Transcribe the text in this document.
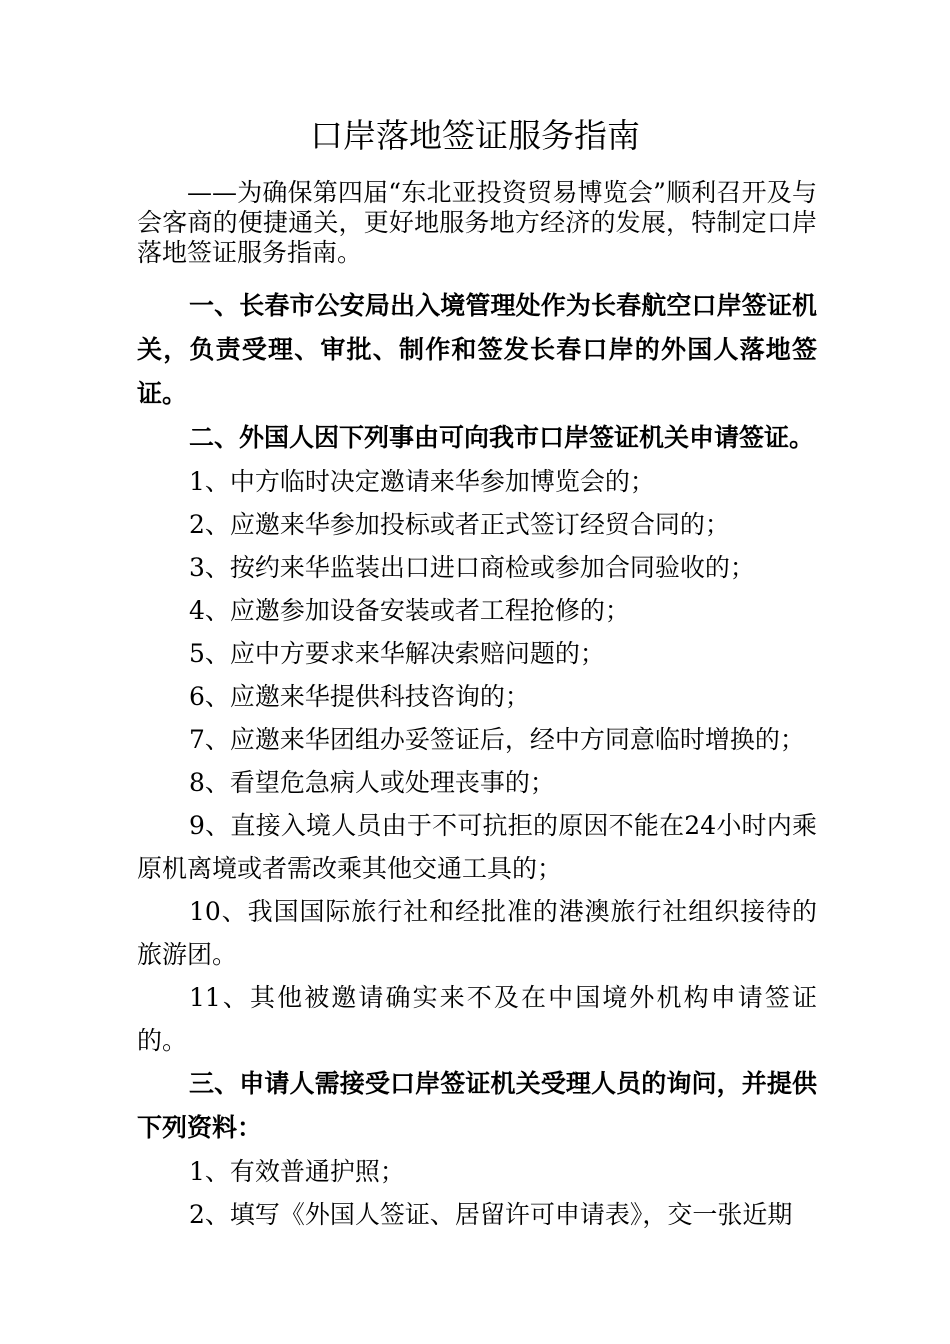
口岸落地签证服务指南

——为确保第四届“东北亚投资贸易博览会”顺利召开及与会客商的便捷通关，更好地服务地方经济的发展，特制定口岸落地签证服务指南。

一、长春市公安局出入境管理处作为长春航空口岸签证机关，负责受理、审批、制作和签发长春口岸的外国人落地签证。

二、外国人因下列事由可向我市口岸签证机关申请签证。

1、中方临时决定邀请来华参加博览会的；

2、应邀来华参加投标或者正式签订经贸合同的；

3、按约来华监装出口进口商检或参加合同验收的；

4、应邀参加设备安装或者工程抢修的；

5、应中方要求来华解决索赔问题的；

6、应邀来华提供科技咨询的；

7、应邀来华团组办妥签证后，经中方同意临时增换的；

8、看望危急病人或处理丧事的；

9、直接入境人员由于不可抗拒的原因不能在24小时内乘原机离境或者需改乘其他交通工具的；

10、我国国际旅行社和经批准的港澳旅行社组织接待的旅游团。

11、其他被邀请确实来不及在中国境外机构申请签证的。

三、申请人需接受口岸签证机关受理人员的询问，并提供下列资料：

1、有效普通护照；

2、填写《外国人签证、居留许可申请表》，交一张近期
